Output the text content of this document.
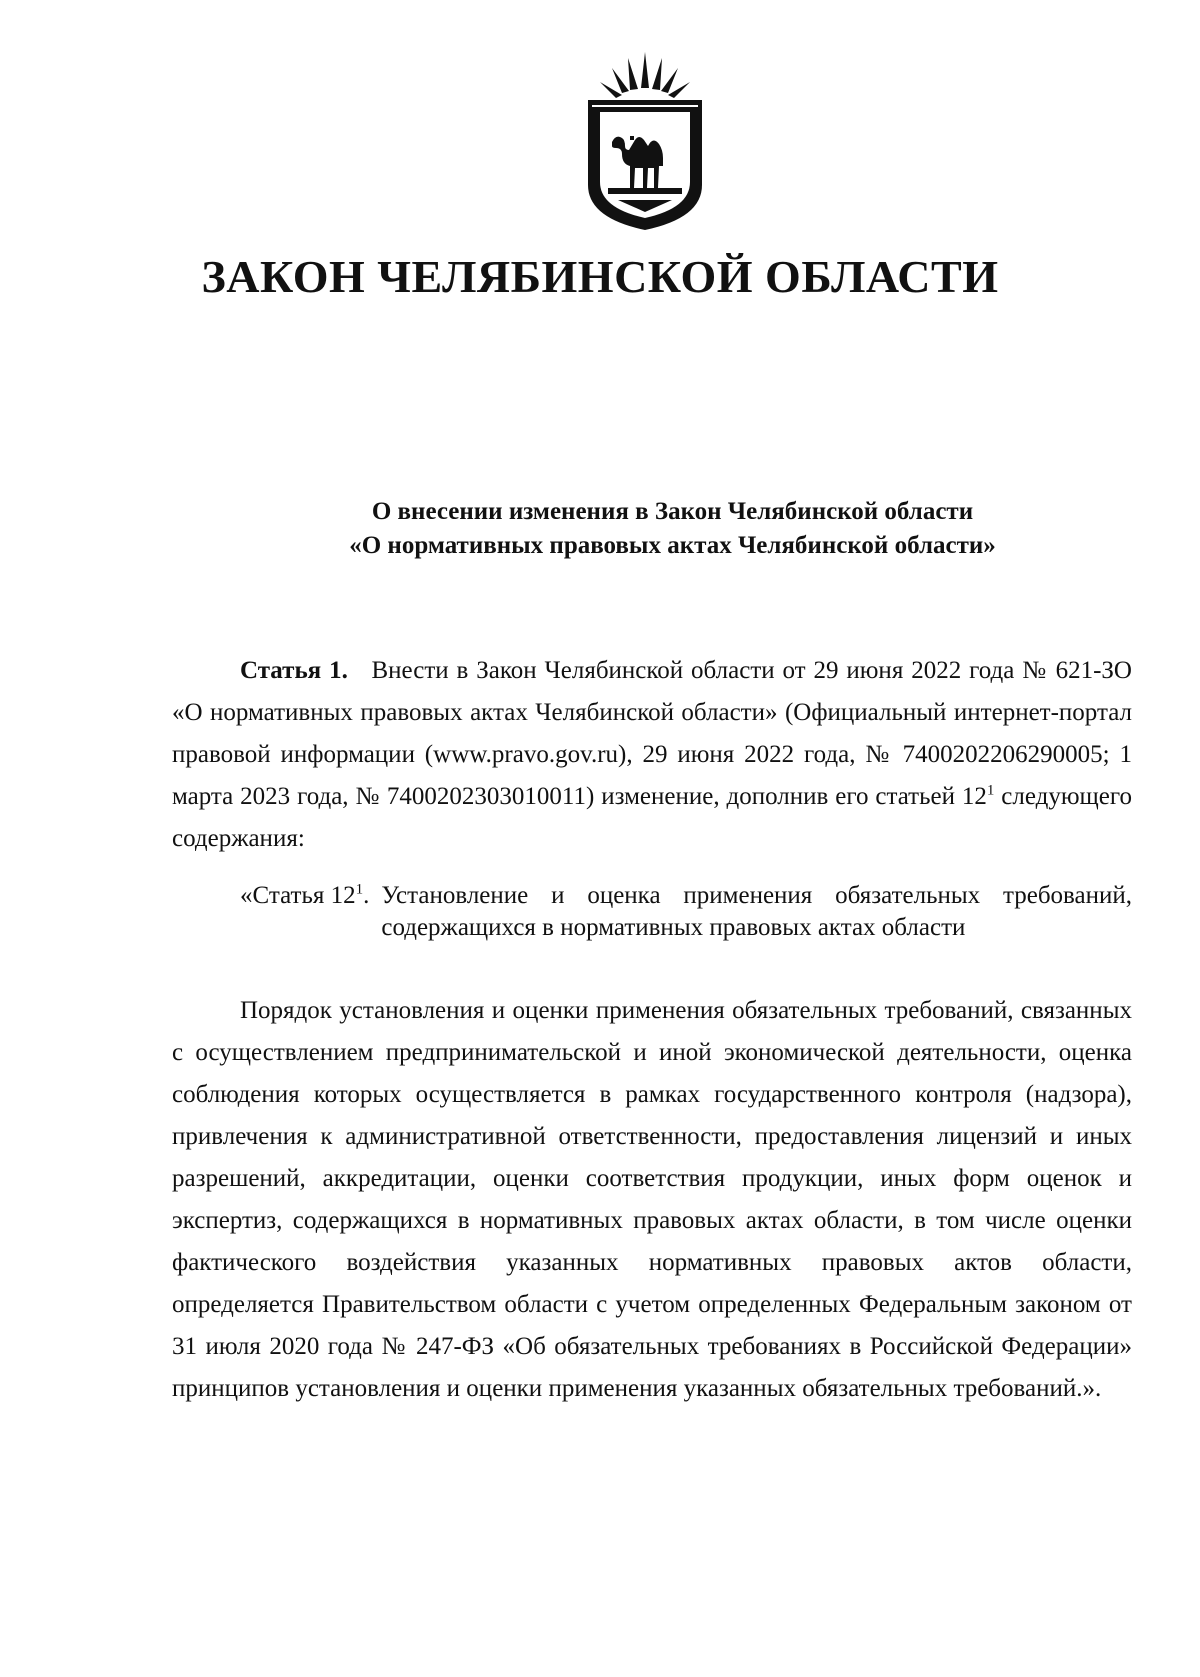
ЗАКОН ЧЕЛЯБИНСКОЙ ОБЛАСТИ
О внесении изменения в Закон Челябинской области
«О нормативных правовых актах Челябинской области»

Статья 1. Внести в Закон Челябинской области от 29 июня 2022 года № 621-ЗО «О нормативных правовых актах Челябинской области» (Официальный интернет-портал правовой информации (www.pravo.gov.ru), 29 июня 2022 года, № 7400202206290005; 1 марта 2023 года, № 7400202303010011) изменение, дополнив его статьей $12^1$ следующего содержания:

«Статья $12^1$. Установление и оценка применения обязательных требований, содержащихся в нормативных правовых актах области

Порядок установления и оценки применения обязательных требований, связанных с осуществлением предпринимательской и иной экономической деятельности, оценка соблюдения которых осуществляется в рамках государственного контроля (надзора), привлечения к административной ответственности, предоставления лицензий и иных разрешений, аккредитации, оценки соответствия продукции, иных форм оценок и экспертиз, содержащихся в нормативных правовых актах области, в том числе оценки фактического воздействия указанных нормативных правовых актов области, определяется Правительством области с учетом определенных Федеральным законом от 31 июля 2020 года № 247-ФЗ «Об обязательных требованиях в Российской Федерации» принципов установления и оценки применения указанных обязательных требований.».
